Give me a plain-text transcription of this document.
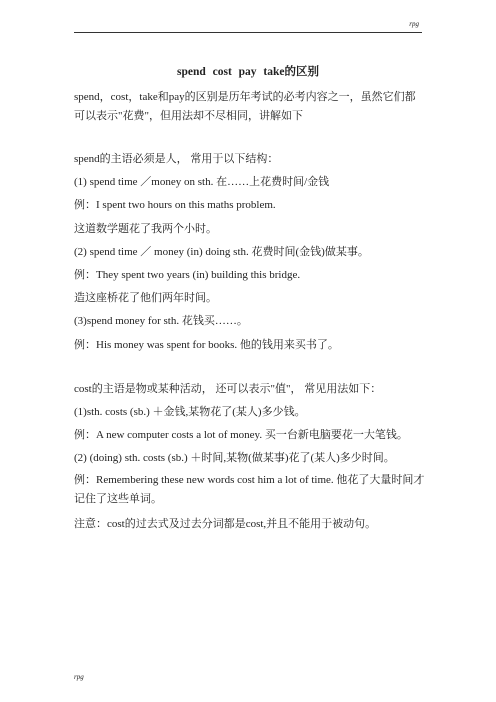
rpg
spend cost pay take的区别

spend，cost，take和pay的区别是历年考试的必考内容之一，虽然它们都可以表示"花费"，但用法却不尽相同，讲解如下

spend的主语必须是人， 常用于以下结构：

(1) spend time ／money on sth. 在……上花费时间/金钱

例：I spent two hours on this maths problem.

这道数学题花了我两个小时。

(2) spend time ／ money (in) doing sth. 花费时间(金钱)做某事。

例：They spent two years (in) building this bridge.

造这座桥花了他们两年时间。

(3)spend money for sth. 花钱买……。

例：His money was spent for books. 他的钱用来买书了。

cost的主语是物或某种活动， 还可以表示"值"， 常见用法如下：

(1)sth. costs (sb.) ＋金钱,某物花了(某人)多少钱。

例：A new computer costs a lot of money. 买一台新电脑要花一大笔钱。

(2) (doing) sth. costs (sb.) ＋时间,某物(做某事)花了(某人)多少时间。

例：Remembering these new words cost him a lot of time. 他花了大量时间才记住了这些单词。

注意：cost的过去式及过去分词都是cost,并且不能用于被动句。

rpg
